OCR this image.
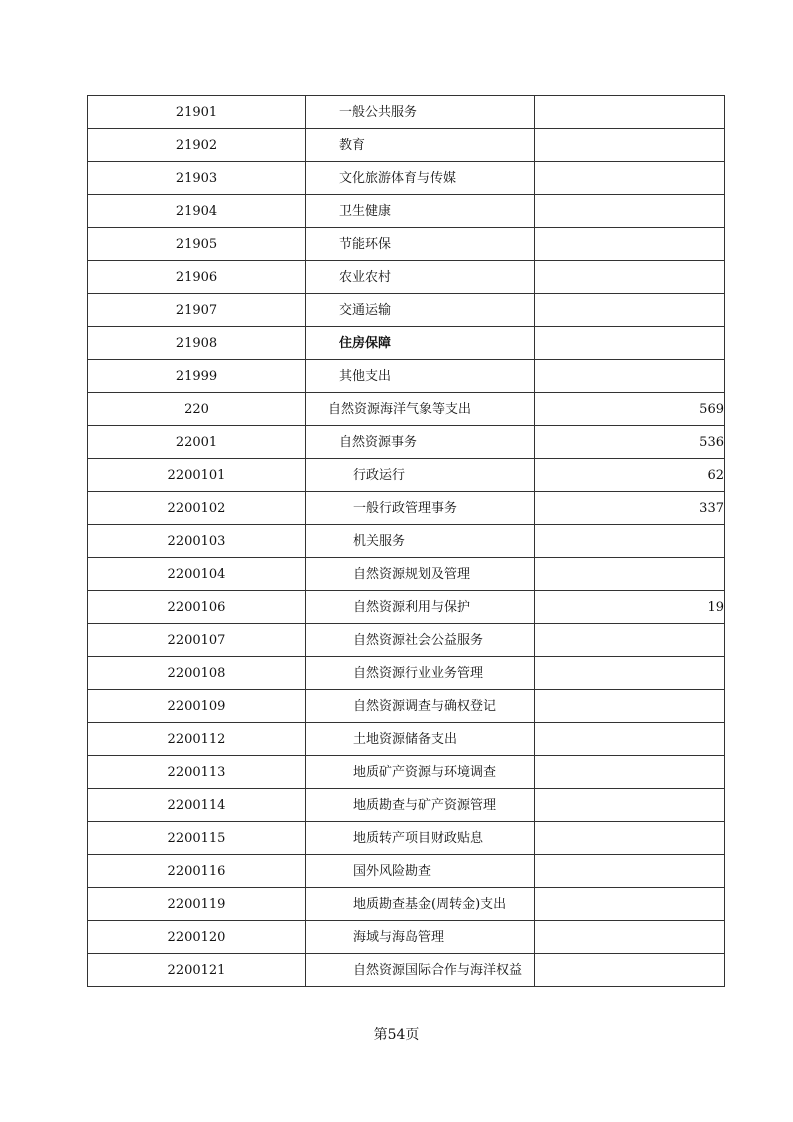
21901	一般公共服务	
21902	教育	
21903	文化旅游体育与传媒	
21904	卫生健康	
21905	节能环保	
21906	农业农村	
21907	交通运输	
21908	住房保障	
21999	其他支出	
220	自然资源海洋气象等支出	569
22001	自然资源事务	536
2200101	行政运行	62
2200102	一般行政管理事务	337
2200103	机关服务	
2200104	自然资源规划及管理	
2200106	自然资源利用与保护	19
2200107	自然资源社会公益服务	
2200108	自然资源行业业务管理	
2200109	自然资源调查与确权登记	
2200112	土地资源储备支出	
2200113	地质矿产资源与环境调查	
2200114	地质勘查与矿产资源管理	
2200115	地质转产项目财政贴息	
2200116	国外风险勘查	
2200119	地质勘查基金(周转金)支出	
2200120	海域与海岛管理	
2200121	自然资源国际合作与海洋权益	
第54页
